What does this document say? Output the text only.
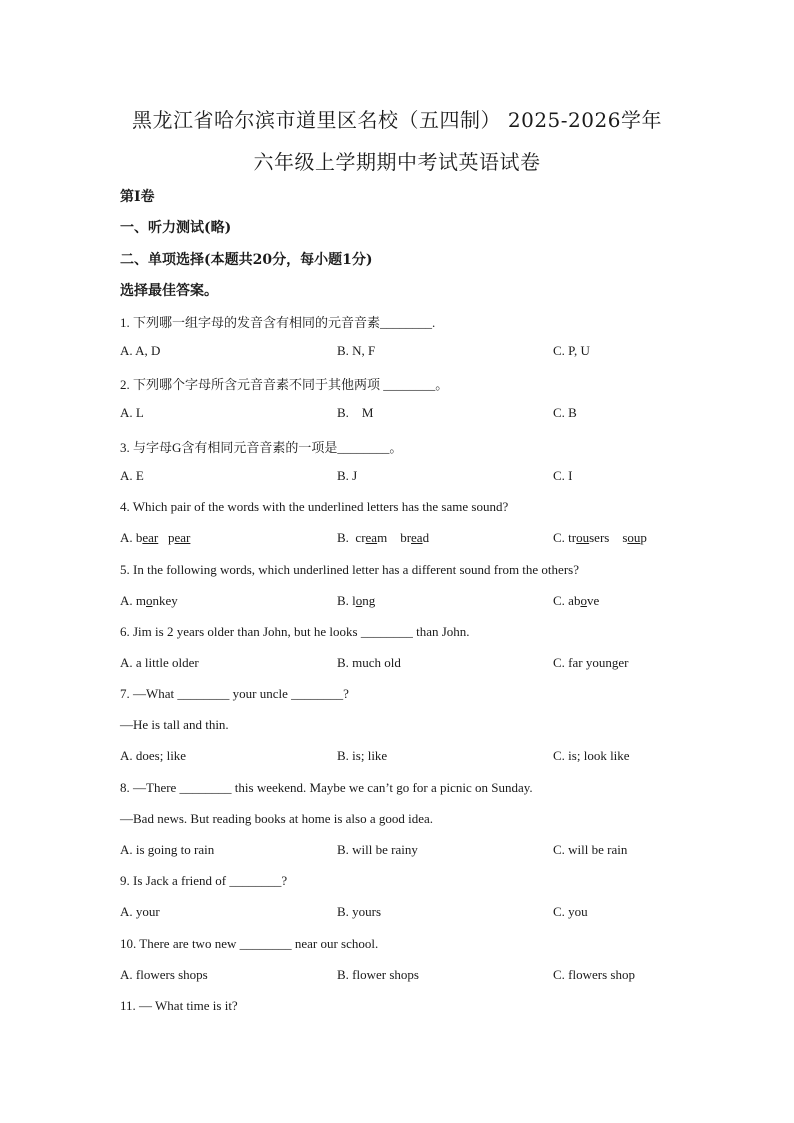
黑龙江省哈尔滨市道里区名校（五四制） 2025-2026学年
六年级上学期期中考试英语试卷
第Ⅰ卷
一、听力测试(略)
二、单项选择(本题共20分，每小题1分)
选择最佳答案。
1. 下列哪一组字母的发音含有相同的元音音素________.
A. A, D	B. N, F	C. P, U
2. 下列哪个字母所含元音音素不同于其他两项 ________。
A. L	B.    M	C. B
3. 与字母G含有相同元音音素的一项是________。
A. E	B. J	C. I
4. Which pair of the words with the underlined letters has the same sound?
A. bear   pear	B.  cream    bread	C. trousers    soup
5. In the following words, which underlined letter has a different sound from the others?
A. monkey	B. long	C. above
6. Jim is 2 years older than John, but he looks ________ than John.
A. a little older	B. much old	C. far younger
7. —What ________ your uncle ________?
—He is tall and thin.
A. does; like	B. is; like	C. is; look like
8. —There ________ this weekend. Maybe we can’t go for a picnic on Sunday.
—Bad news. But reading books at home is also a good idea.
A. is going to rain	B. will be rainy	C. will be rain
9. Is Jack a friend of ________?
A. your	B. yours	C. you
10. There are two new ________ near our school.
A. flowers shops	B. flower shops	C. flowers shop
11. — What time is it?
